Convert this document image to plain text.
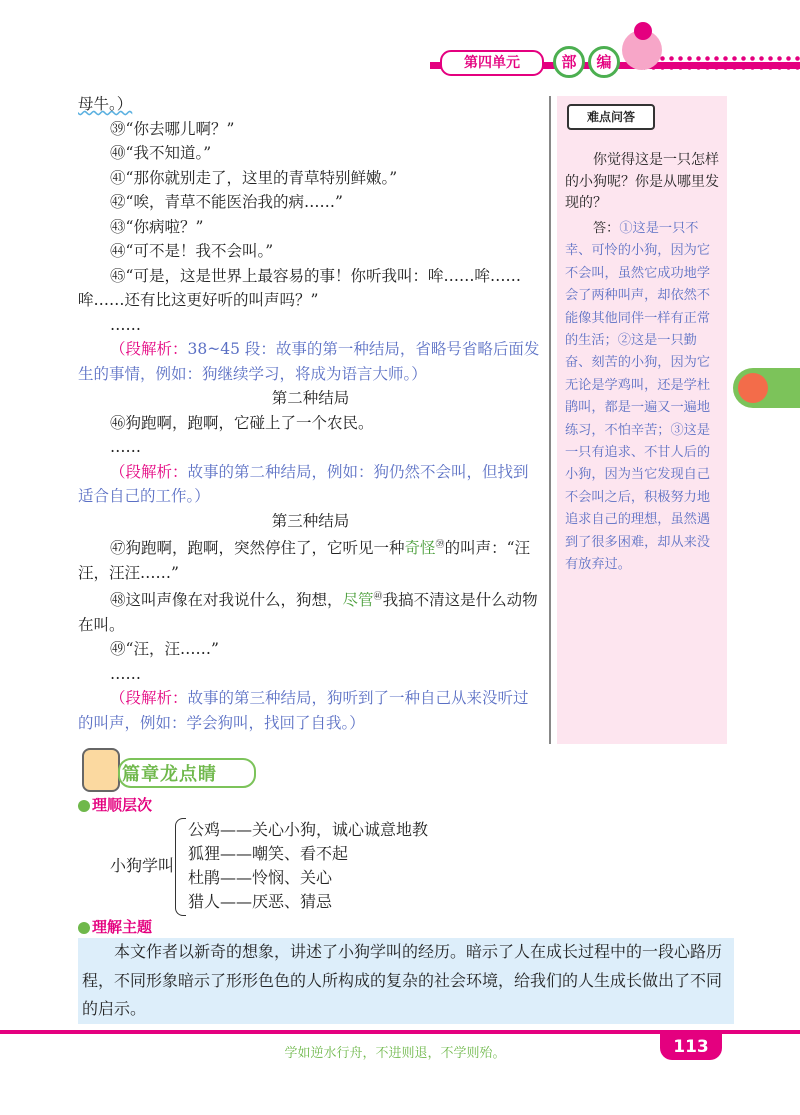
第四单元	部	编

母牛。）

㊴“你去哪儿啊？”

㊵“我不知道。”

㊶“那你就别走了，这里的青草特别鲜嫩。”

㊷“唉，青草不能医治我的病……”

㊸“你病啦？”

㊹“可不是！我不会叫。”

㊺“可是，这是世界上最容易的事！你听我叫：哞……哞……哞……还有比这更好听的叫声吗？”

……

（段解析：38~45 段：故事的第一种结局，省略号省略后面发生的事情，例如：狗继续学习，将成为语言大师。）

第二种结局

㊻狗跑啊，跑啊，它碰上了一个农民。

……

（段解析：故事的第二种结局，例如：狗仍然不会叫，但找到适合自己的工作。）

第三种结局

㊼狗跑啊，跑啊，突然停住了，它听见一种奇怪$^㊴$的叫声：“汪汪，汪汪……”

㊽这叫声像在对我说什么，狗想，尽管$^㊵$我搞不清这是什么动物在叫。

㊾“汪，汪……”

……

（段解析：故事的第三种结局，狗听到了一种自己从来没听过的叫声，例如：学会狗叫，找回了自我。）

难点问答
你觉得这是一只怎样的小狗呢？你是从哪里发现的？
答：①这是一只不幸、可怜的小狗，因为它不会叫，虽然它成功地学会了两种叫声，却依然不能像其他同伴一样有正常的生活；②这是一只勤奋、刻苦的小狗，因为它无论是学鸡叫，还是学杜鹃叫，都是一遍又一遍地练习，不怕辛苦；③这是一只有追求、不甘人后的小狗，因为当它发现自己不会叫之后，积极努力地追求自己的理想，虽然遇到了很多困难，却从来没有放弃过。
篇章龙点睛
理顺层次
小狗学叫
公鸡——关心小狗，诚心诚意地教
狐狸——嘲笑、看不起
杜鹃——怜悯、关心
猎人——厌恶、猜忌
理解主题
本文作者以新奇的想象，讲述了小狗学叫的经历。暗示了人在成长过程中的一段心路历程，不同形象暗示了形形色色的人所构成的复杂的社会环境，给我们的人生成长做出了不同的启示。
学如逆水行舟，不进则退，不学则殆。	113
